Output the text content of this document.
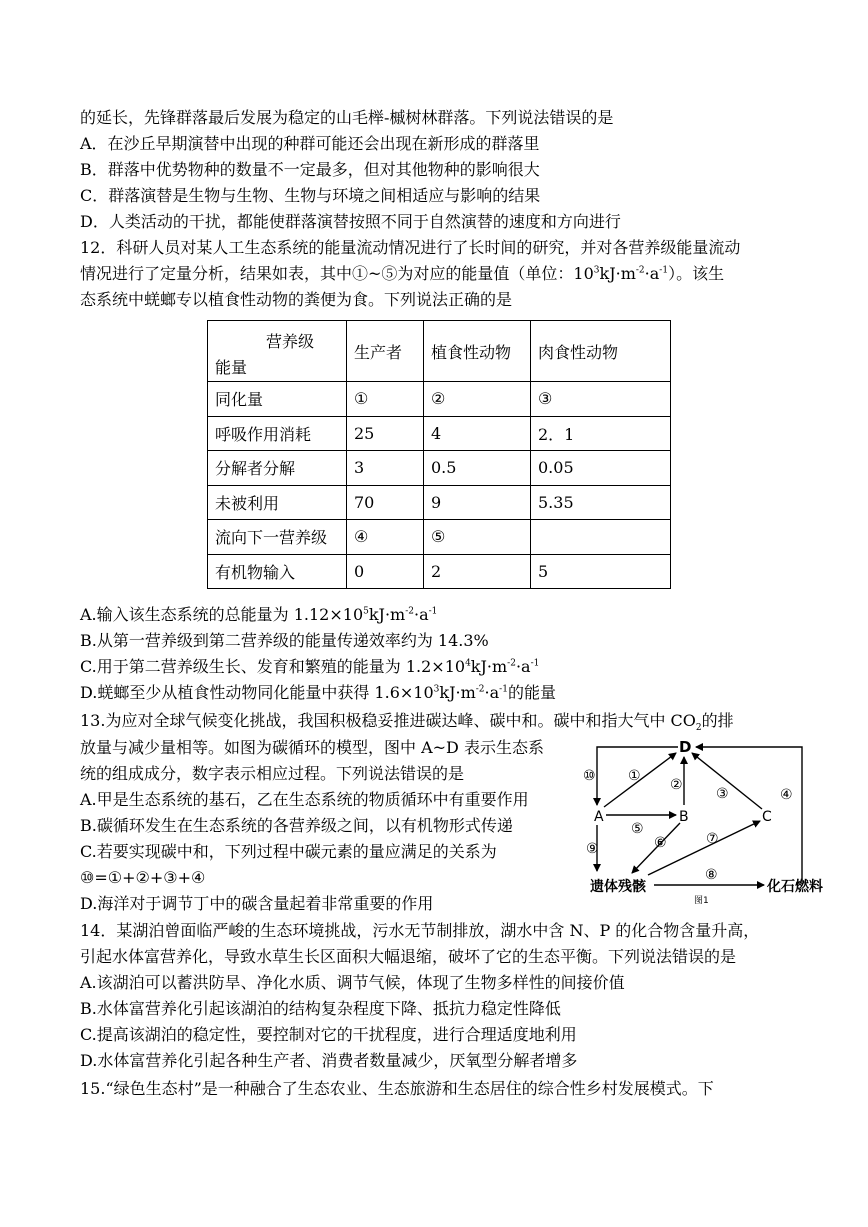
的延长，先锋群落最后发展为稳定的山毛榉-槭树林群落。下列说法错误的是
A．在沙丘早期演替中出现的种群可能还会出现在新形成的群落里
B．群落中优势物种的数量不一定最多，但对其他物种的影响很大
C．群落演替是生物与生物、生物与环境之间相适应与影响的结果
D．人类活动的干扰，都能使群落演替按照不同于自然演替的速度和方向进行
12．科研人员对某人工生态系统的能量流动情况进行了长时间的研究，并对各营养级能量流动
情况进行了定量分析，结果如表，其中①~⑤为对应的能量值（单位：$10^3kJ\cdot m^{-2}\cdot a^{-1}$）。该生
态系统中蜣螂专以植食性动物的粪便为食。下列说法正确的是
营养级
能量	生产者	植食性动物	肉食性动物
同化量	①	②	③
呼吸作用消耗	25	4	2．1
分解者分解	3	0.5	0.05
未被利用	70	9	5.35
流向下一营养级	④	⑤	
有机物输入	0	2	5
A.输入该生态系统的总能量为 $1.12\times 10^5kJ\cdot m^{-2}\cdot a^{-1}$
B.从第一营养级到第二营养级的能量传递效率约为 14.3%
C.用于第二营养级生长、发育和繁殖的能量为 $1.2\times 10^4kJ\cdot m^{-2}\cdot a^{-1}$
D.蜣螂至少从植食性动物同化能量中获得 $1.6\times 10^3kJ\cdot m^{-2}\cdot a^{-1}$的能量
13.为应对全球气候变化挑战，我国积极稳妥推进碳达峰、碳中和。碳中和指大气中 $CO_2$的排
放量与减少量相等。如图为碳循环的模型，图中 A~D 表示生态系
统的组成成分，数字表示相应过程。下列说法错误的是
A.甲是生态系统的基石，乙在生态系统的物质循环中有重要作用
B.碳循环发生在生态系统的各营养级之间，以有机物形式传递
C.若要实现碳中和，下列过程中碳元素的量应满足的关系为
⑩=①+②+③+④
D.海洋对于调节丁中的碳含量起着非常重要的作用
D
A	B	C
遗体残骸	化石燃料
⑩ ①
②
③	④
⑤
⑥	⑦
⑧
⑨
图1
14．某湖泊曾面临严峻的生态环境挑战，污水无节制排放，湖水中含 N、P 的化合物含量升高，
引起水体富营养化，导致水草生长区面积大幅退缩，破坏了它的生态平衡。下列说法错误的是
A.该湖泊可以蓄洪防旱、净化水质、调节气候，体现了生物多样性的间接价值
B.水体富营养化引起该湖泊的结构复杂程度下降、抵抗力稳定性降低
C.提高该湖泊的稳定性，要控制对它的干扰程度，进行合理适度地利用
D.水体富营养化引起各种生产者、消费者数量减少，厌氧型分解者增多
15.“绿色生态村”是一种融合了生态农业、生态旅游和生态居住的综合性乡村发展模式。下
